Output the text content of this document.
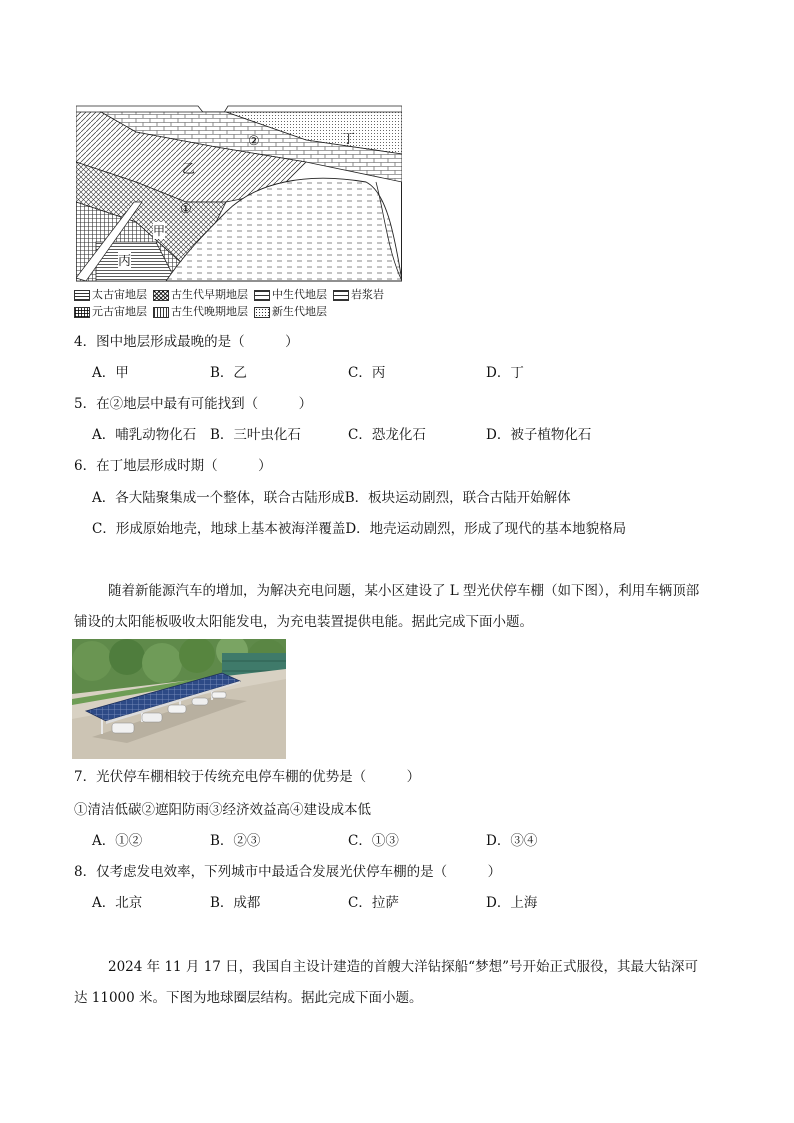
②	丁
乙
①
甲
丙
太古宙地层 古生代早期地层 中生代地层 岩浆岩
元古宙地层 古生代晚期地层 新生代地层
4．图中地层形成最晚的是（　　　）
A．甲	B．乙	C．丙	D．丁
5．在②地层中最有可能找到（　　　）
A．哺乳动物化石 B．三叶虫化石	C．恐龙化石	D．被子植物化石
6．在丁地层形成时期（　　　）
A．各大陆聚集成一个整体，联合古陆形成B．板块运动剧烈，联合古陆开始解体
C．形成原始地壳，地球上基本被海洋覆盖D．地壳运动剧烈，形成了现代的基本地貌格局
随着新能源汽车的增加，为解决充电问题，某小区建设了 L 型光伏停车棚（如下图），利用车辆顶部
铺设的太阳能板吸收太阳能发电，为充电装置提供电能。据此完成下面小题。
7．光伏停车棚相较于传统充电停车棚的优势是（　　　）
①清洁低碳②遮阳防雨③经济效益高④建设成本低
A．①②	B．②③	C．①③	D．③④
8．仅考虑发电效率，下列城市中最适合发展光伏停车棚的是（　　　）
A．北京	B．成都	C．拉萨	D．上海
2024 年 11 月 17 日，我国自主设计建造的首艘大洋钻探船“梦想”号开始正式服役，其最大钻深可
达 11000 米。下图为地球圈层结构。据此完成下面小题。
